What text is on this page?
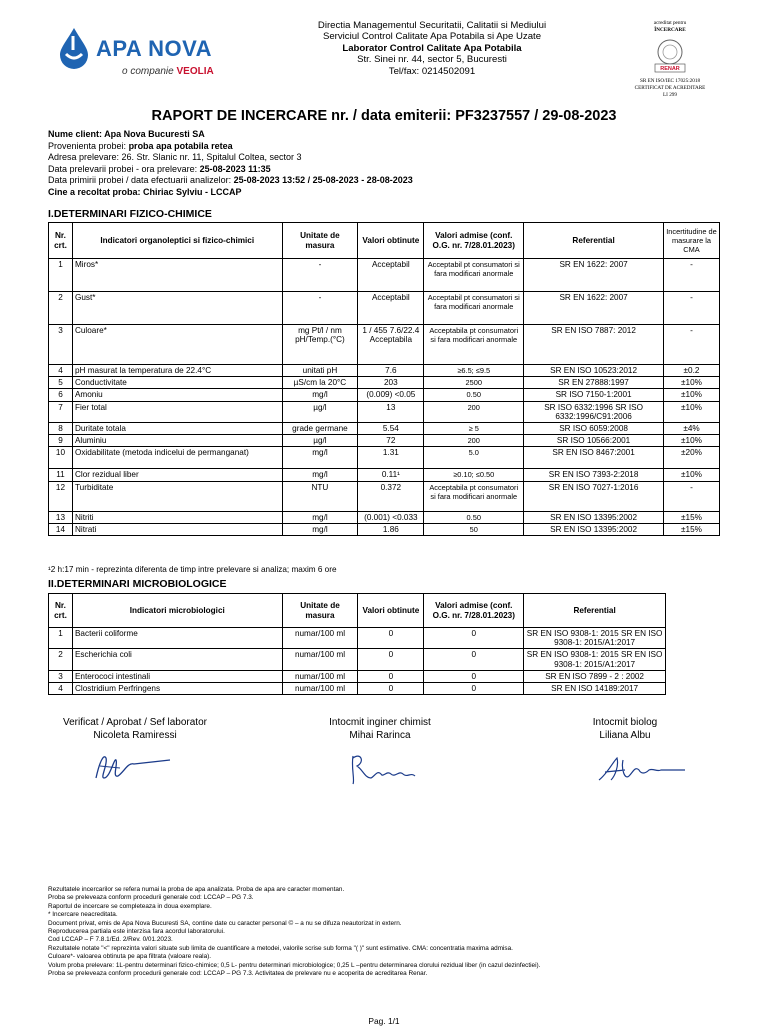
APA NOVA
o companie VEOLIA
Directia Managementul Securitatii, Calitatii si Mediului
Serviciul Control Calitate Apa Potabila si Ape Uzate
Laborator Control Calitate Apa Potabila
Str. Sinei nr. 44, sector 5, Bucuresti
Tel/fax: 0214502091
acreditat pentru
ÎNCERCARE
RENAR
SR EN ISO/IEC 17025:2018
CERTIFICAT DE ACREDITARE
LI 299
RAPORT DE INCERCARE nr. / data emiterii: PF3237557 / 29-08-2023
Nume client: Apa Nova Bucuresti SA
Provenienta probei: proba apa potabila retea
Adresa prelevare: 26. Str. Slanic nr. 11, Spitalul Coltea, sector 3
Data prelevarii probei - ora prelevare: 25-08-2023 11:35
Data primirii probei / data efectuarii analizelor: 25-08-2023 13:52 / 25-08-2023 - 28-08-2023
Cine a recoltat proba: Chiriac Sylviu - LCCAP
I.DETERMINARI FIZICO-CHIMICE
Nr. crt.	Indicatori organoleptici si fizico-chimici	Unitate de masura	Valori obtinute	Valori admise (conf. O.G. nr. 7/28.01.2023)	Referential	Incertitudine de masurare la CMA
1	Miros*	-	Acceptabil	Acceptabil pt consumatori si fara modificari anormale	SR EN 1622: 2007	-
2	Gust*	-	Acceptabil	Acceptabil pt consumatori si fara modificari anormale	SR EN 1622: 2007	-
3	Culoare*	mg Pt/l / nm pH/Temp.(°C)	1 / 455 7.6/22.4 Acceptabila	Acceptabila pt consumatori si fara modificari anormale	SR EN ISO 7887: 2012	-
4	pH masurat la temperatura de 22.4°C	unitati pH	7.6	≥6.5; ≤9.5	SR EN ISO 10523:2012	±0.2
5	Conductivitate	µS/cm la 20°C	203	2500	SR EN 27888:1997	±10%
6	Amoniu	mg/l	(0.009) <0.05	0.50	SR ISO 7150-1:2001	±10%
7	Fier total	µg/l	13	200	SR ISO 6332:1996 SR ISO 6332:1996/C91:2006	±10%
8	Duritate totala	grade germane	5.54	≥ 5	SR ISO 6059:2008	±4%
9	Aluminiu	µg/l	72	200	SR ISO 10566:2001	±10%
10	Oxidabilitate (metoda indicelui de permanganat)	mg/l	1.31	5.0	SR EN ISO 8467:2001	±20%
11	Clor rezidual liber	mg/l	0.11¹	≥0.10; ≤0.50	SR EN ISO 7393-2:2018	±10%
12	Turbiditate	NTU	0.372	Acceptabila pt consumatori si fara modificari anormale	SR EN ISO 7027-1:2016	-
13	Nitriti	mg/l	(0.001) <0.033	0.50	SR EN ISO 13395:2002	±15%
14	Nitrati	mg/l	1.86	50	SR EN ISO 13395:2002	±15%
¹2 h:17 min - reprezinta diferenta de timp intre prelevare si analiza; maxim 6 ore
II.DETERMINARI MICROBIOLOGICE
Nr. crt.	Indicatori microbiologici	Unitate de masura	Valori obtinute	Valori admise (conf. O.G. nr. 7/28.01.2023)	Referential
1	Bacterii coliforme	numar/100 ml	0	0	SR EN ISO 9308-1: 2015 SR EN ISO 9308-1: 2015/A1:2017
2	Escherichia coli	numar/100 ml	0	0	SR EN ISO 9308-1: 2015 SR EN ISO 9308-1: 2015/A1:2017
3	Enterococi intestinali	numar/100 ml	0	0	SR EN ISO 7899 - 2 : 2002
4	Clostridium Perfringens	numar/100 ml	0	0	SR EN ISO 14189:2017
Verificat / Aprobat / Sef laborator
Nicoleta Ramiressi
Intocmit inginer chimist
Mihai Rarinca
Intocmit biolog
Liliana Albu
Rezultatele incercarilor se refera numai la proba de apa analizata. Proba de apa are caracter momentan.
Proba se preleveaza conform procedurii generale cod: LCCAP – PG 7.3.
Raportul de incercare se completeaza in doua exemplare.
* Incercare neacreditata.
Document privat, emis de Apa Nova Bucuresti SA, contine date cu caracter personal © – a nu se difuza neautorizat in extern.
Reproducerea partiala este interzisa fara acordul laboratorului.
Cod LCCAP – F 7.8.1/Ed. 2/Rev. 0/01.2023.
Rezultatele notate "<" reprezinta valori situate sub limita de cuantificare a metodei, valorile scrise sub forma "( )" sunt estimative. CMA: concentratia maxima admisa.
Culoare*- valoarea obtinuta pe apa filtrata (valoare reala).
Volum proba prelevare: 1L-pentru determinari fizico-chimice; 0,5 L- pentru determinari microbiologice; 0,25 L –pentru determinarea clorului rezidual liber (in cazul dezinfectiei).
Proba se preleveaza conform procedurii generale cod: LCCAP – PG 7.3. Activitatea de prelevare nu e acoperita de acreditarea Renar.
Pag. 1/1
